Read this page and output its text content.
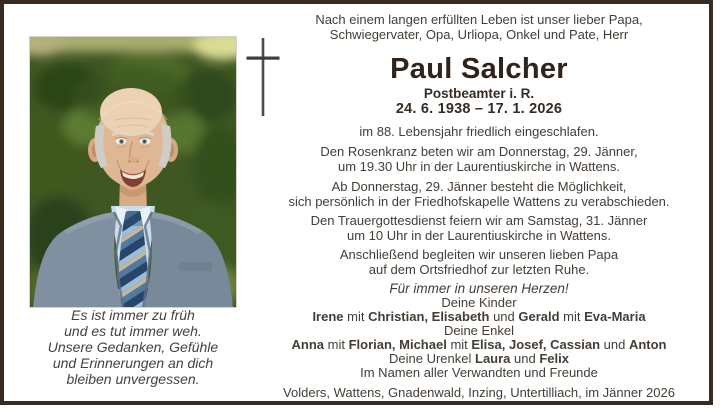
Es ist immer zu früh
und es tut immer weh.
Unsere Gedanken, Gefühle
und Erinnerungen an dich
bleiben unvergessen.
Nach einem langen erfüllten Leben ist unser lieber Papa,
Schwiegervater, Opa, Urliopa, Onkel und Pate, Herr
Paul Salcher
Postbeamter i. R.
24. 6. 1938 – 17. 1. 2026
im 88. Lebensjahr friedlich eingeschlafen.
Den Rosenkranz beten wir am Donnerstag, 29. Jänner,
um 19.30 Uhr in der Laurentiuskirche in Wattens.
Ab Donnerstag, 29. Jänner besteht die Möglichkeit,
sich persönlich in der Friedhofskapelle Wattens zu verabschieden.
Den Trauergottesdienst feiern wir am Samstag, 31. Jänner
um 10 Uhr in der Laurentiuskirche in Wattens.
Anschließend begleiten wir unseren lieben Papa
auf dem Ortsfriedhof zur letzten Ruhe.
Für immer in unseren Herzen!
Deine Kinder
Irene mit Christian, Elisabeth und Gerald mit Eva-Maria
Deine Enkel
Anna mit Florian, Michael mit Elisa, Josef, Cassian und Anton
Deine Urenkel Laura und Felix
Im Namen aller Verwandten und Freunde
Volders, Wattens, Gnadenwald, Inzing, Untertilliach, im Jänner 2026
